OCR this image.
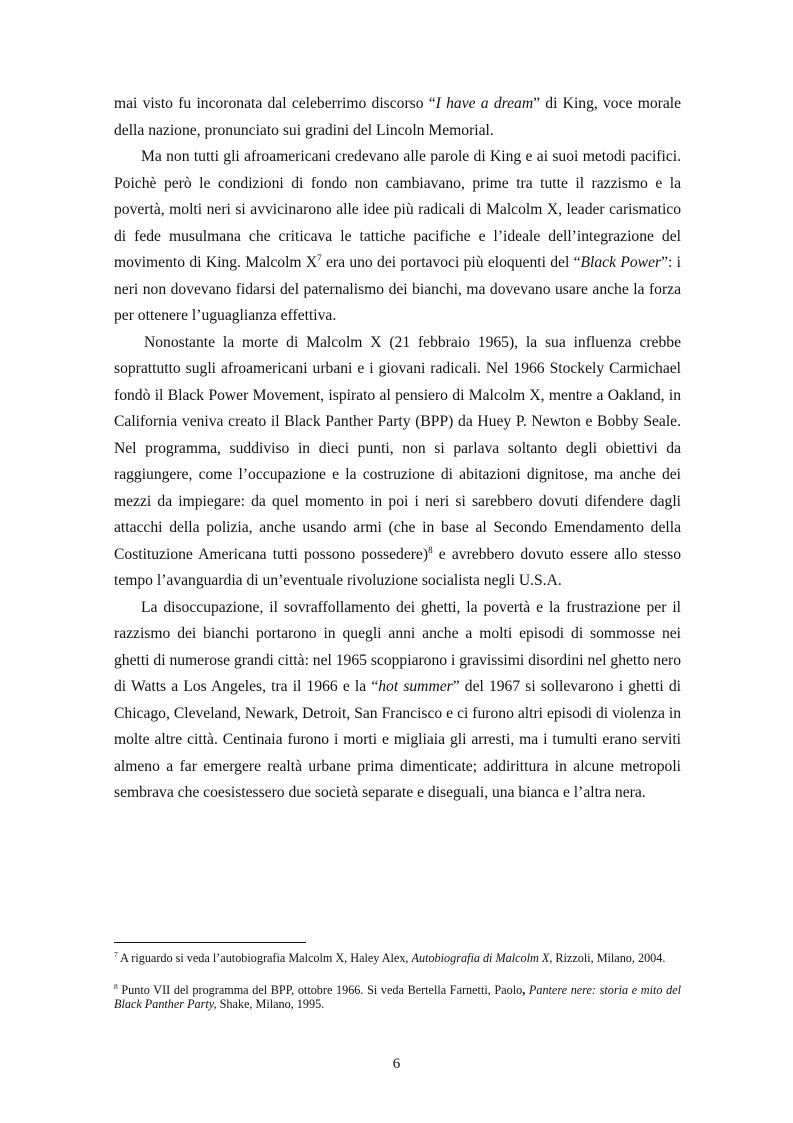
mai visto fu incoronata dal celeberrimo discorso “I have a dream” di King, voce morale della nazione, pronunciato sui gradini del Lincoln Memorial.

Ma non tutti gli afroamericani credevano alle parole di King e ai suoi metodi pacifici. Poichè però le condizioni di fondo non cambiavano, prime tra tutte il razzismo e la povertà, molti neri si avvicinarono alle idee più radicali di Malcolm X, leader carismatico di fede musulmana che criticava le tattiche pacifiche e l’ideale dell’integrazione del movimento di King. Malcolm $X^7$ era uno dei portavoci più eloquenti del “Black Power”: i neri non dovevano fidarsi del paternalismo dei bianchi, ma dovevano usare anche la forza per ottenere l’uguaglianza effettiva.

Nonostante la morte di Malcolm X (21 febbraio 1965), la sua influenza crebbe soprattutto sugli afroamericani urbani e i giovani radicali. Nel 1966 Stockely Carmichael fondò il Black Power Movement, ispirato al pensiero di Malcolm X, mentre a Oakland, in California veniva creato il Black Panther Party (BPP) da Huey P. Newton e Bobby Seale. Nel programma, suddiviso in dieci punti, non si parlava soltanto degli obiettivi da raggiungere, come l’occupazione e la costruzione di abitazioni dignitose, ma anche dei mezzi da impiegare: da quel momento in poi i neri si sarebbero dovuti difendere dagli attacchi della polizia, anche usando armi (che in base al Secondo Emendamento della Costituzione Americana tutti possono possedere)$^8$ e avrebbero dovuto essere allo stesso tempo l’avanguardia di un’eventuale rivoluzione socialista negli U.S.A.

La disoccupazione, il sovraffollamento dei ghetti, la povertà e la frustrazione per il razzismo dei bianchi portarono in quegli anni anche a molti episodi di sommosse nei ghetti di numerose grandi città: nel 1965 scoppiarono i gravissimi disordini nel ghetto nero di Watts a Los Angeles, tra il 1966 e la “hot summer” del 1967 si sollevarono i ghetti di Chicago, Cleveland, Newark, Detroit, San Francisco e ci furono altri episodi di violenza in molte altre città. Centinaia furono i morti e migliaia gli arresti, ma i tumulti erano serviti almeno a far emergere realtà urbane prima dimenticate; addirittura in alcune metropoli sembrava che coesistessero due società separate e diseguali, una bianca e l’altra nera.

$^7$ A riguardo si veda l’autobiografia Malcolm X, Haley Alex, Autobiografia di Malcolm X, Rizzoli, Milano, 2004.

$^8$ Punto VII del programma del BPP, ottobre 1966. Si veda Bertella Farnetti, Paolo, Pantere nere: storia e mito del Black Panther Party, Shake, Milano, 1995.

6
